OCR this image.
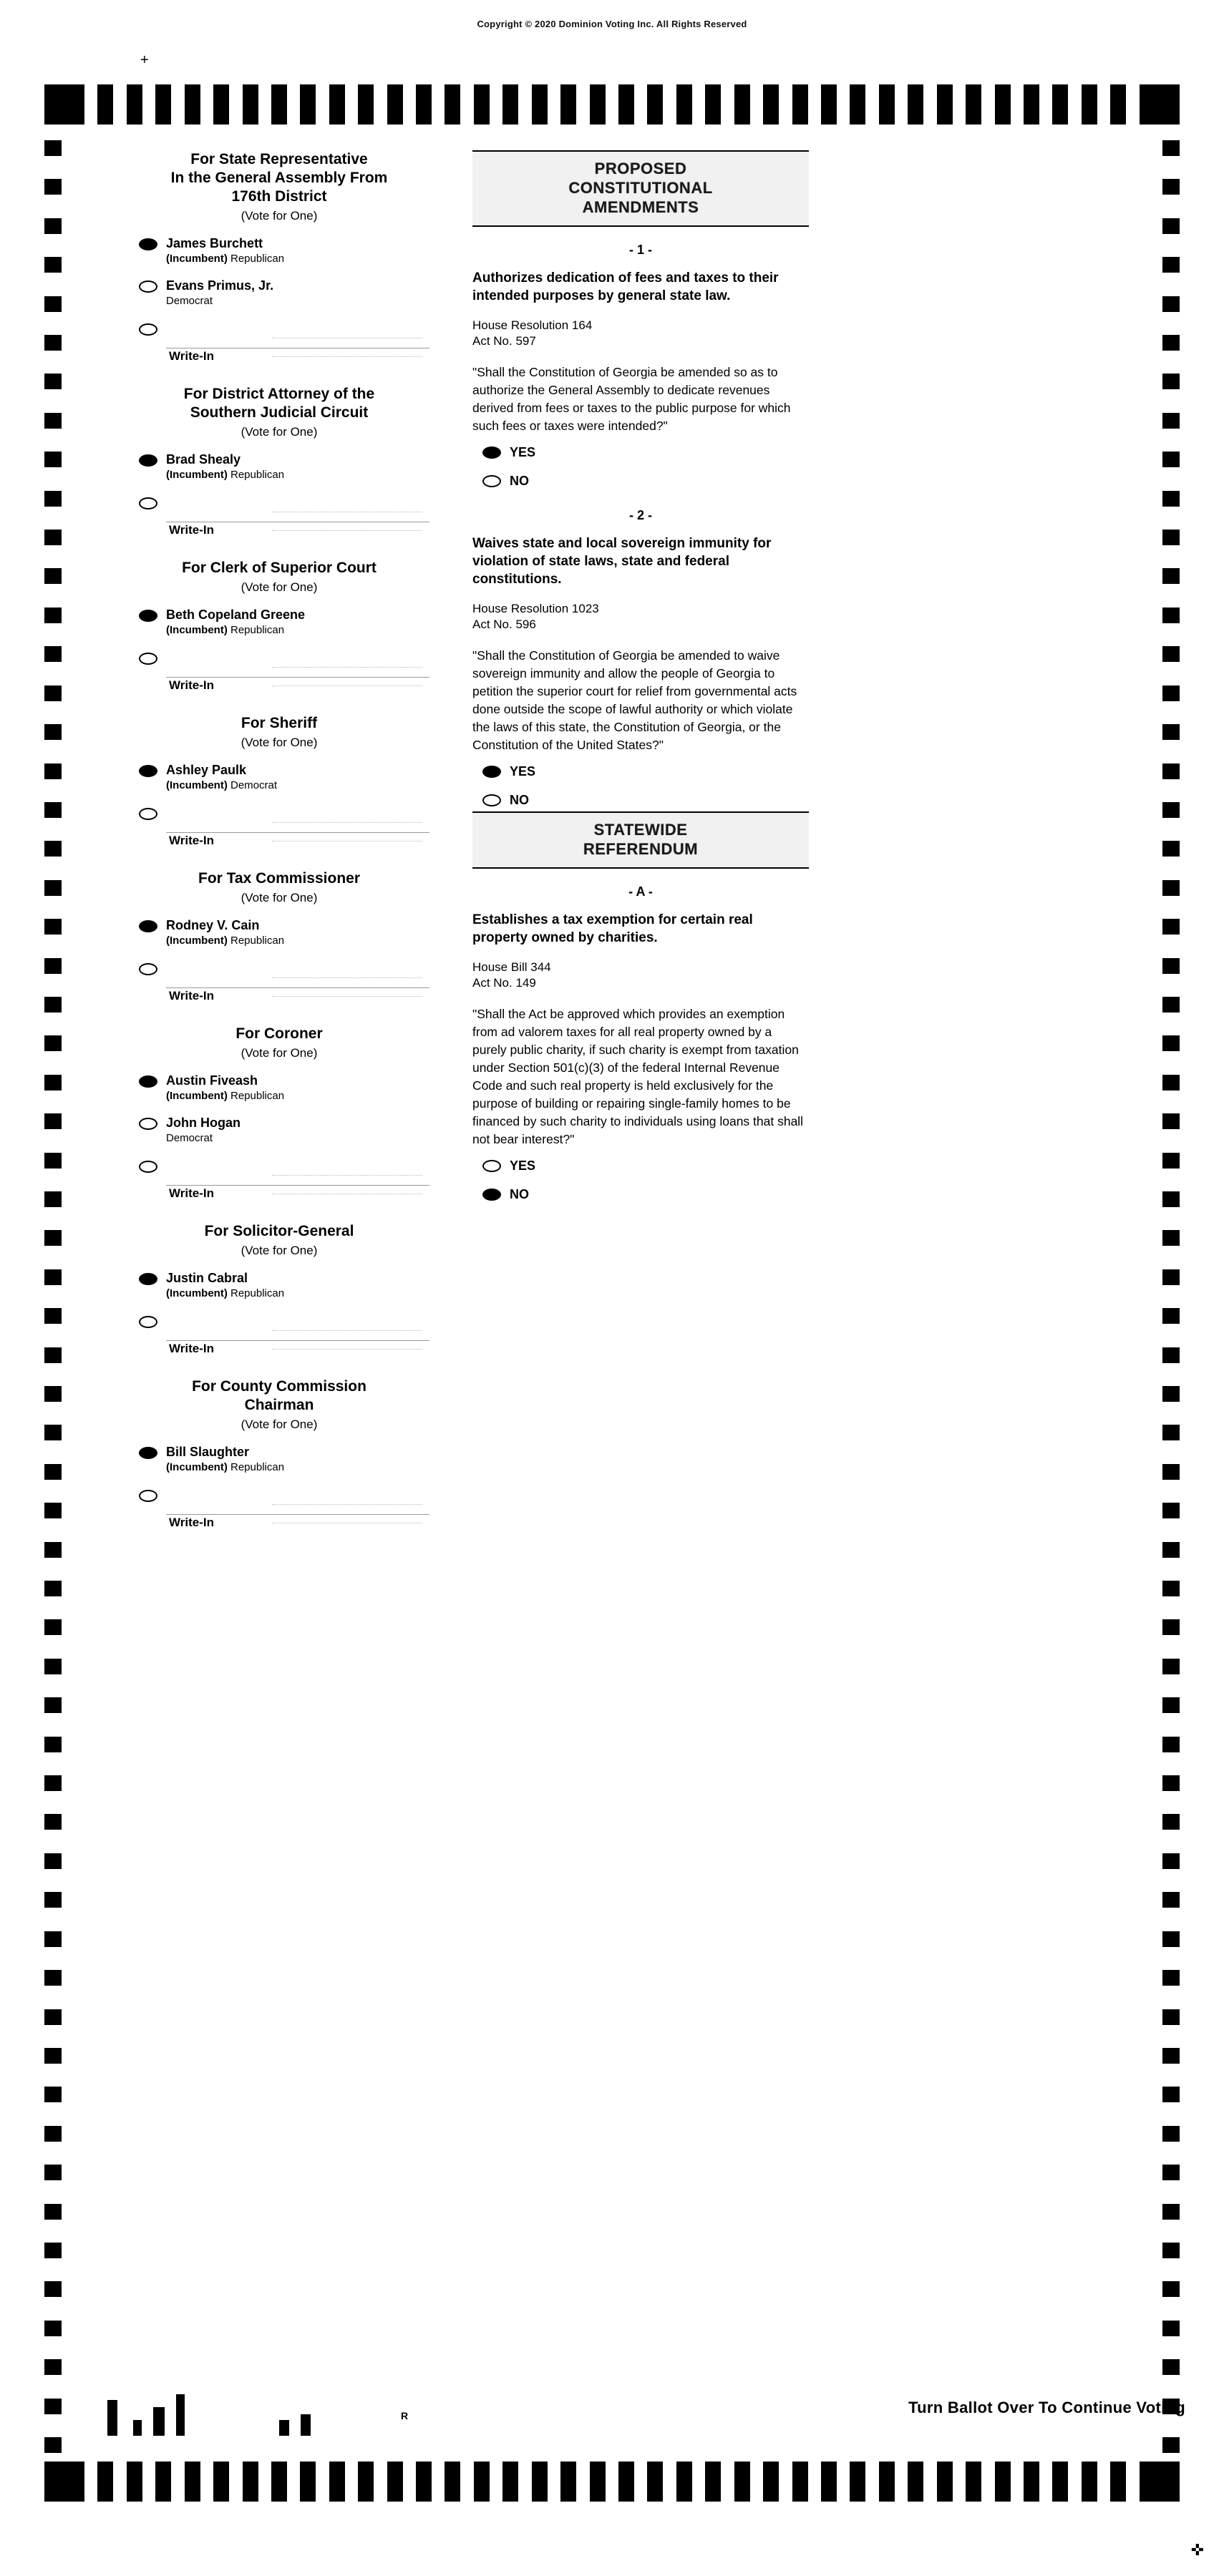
Copyright © 2020 Dominion Voting Inc. All Rights Reserved
+
✜
R	Turn Ballot Over To Continue Voting
For State Representative
In the General Assembly From
176th District
(Vote for One)
James Burchett
(Incumbent) Republican
Evans Primus, Jr.
Democrat
Write-In
For District Attorney of the
Southern Judicial Circuit
(Vote for One)
Brad Shealy
(Incumbent) Republican
Write-In
For Clerk of Superior Court
(Vote for One)
Beth Copeland Greene
(Incumbent) Republican
Write-In
For Sheriff
(Vote for One)
Ashley Paulk
(Incumbent) Democrat
Write-In
For Tax Commissioner
(Vote for One)
Rodney V. Cain
(Incumbent) Republican
Write-In
For Coroner
(Vote for One)
Austin Fiveash
(Incumbent) Republican
John Hogan
Democrat
Write-In
For Solicitor-General
(Vote for One)
Justin Cabral
(Incumbent) Republican
Write-In
For County Commission
Chairman
(Vote for One)
Bill Slaughter
(Incumbent) Republican
Write-In
PROPOSED
CONSTITUTIONAL
AMENDMENTS
- 1 -
Authorizes dedication of fees and taxes to their intended purposes by general state law.
House Resolution 164
Act No. 597
"Shall the Constitution of Georgia be amended so as to authorize the General Assembly to dedicate revenues derived from fees or taxes to the public purpose for which such fees or taxes were intended?"
YES
NO
- 2 -
Waives state and local sovereign immunity for violation of state laws, state and federal constitutions.
House Resolution 1023
Act No. 596
"Shall the Constitution of Georgia be amended to waive sovereign immunity and allow the people of Georgia to petition the superior court for relief from governmental acts done outside the scope of lawful authority or which violate the laws of this state, the Constitution of Georgia, or the Constitution of the United States?"
YES
NO
STATEWIDE
REFERENDUM
- A -
Establishes a tax exemption for certain real property owned by charities.
House Bill 344
Act No. 149
"Shall the Act be approved which provides an exemption from ad valorem taxes for all real property owned by a purely public charity, if such charity is exempt from taxation under Section 501(c)(3) of the federal Internal Revenue Code and such real property is held exclusively for the purpose of building or repairing single-family homes to be financed by such charity to individuals using loans that shall not bear interest?"
YES
NO
